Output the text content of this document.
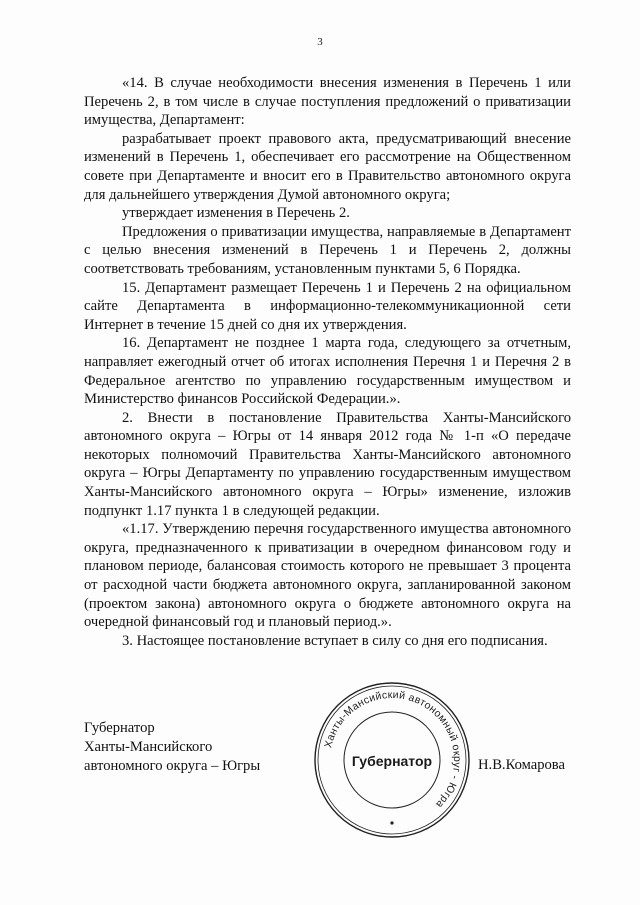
3

«14. В случае необходимости внесения изменения в Перечень 1 или Перечень 2, в том числе в случае поступления предложений о приватизации имущества, Департамент:

разрабатывает проект правового акта, предусматривающий внесение изменений в Перечень 1, обеспечивает его рассмотрение на Общественном совете при Департаменте и вносит его в Правительство автономного округа для дальнейшего утверждения Думой автономного округа;

утверждает изменения в Перечень 2.

Предложения о приватизации имущества, направляемые в Департамент с целью внесения изменений в Перечень 1 и Перечень 2, должны соответствовать требованиям, установленным пунктами 5, 6 Порядка.

15. Департамент размещает Перечень 1 и Перечень 2 на официальном сайте Департамента в информационно-телекоммуникационной сети Интернет в течение 15 дней со дня их утверждения.

16. Департамент не позднее 1 марта года, следующего за отчетным, направляет ежегодный отчет об итогах исполнения Перечня 1 и Перечня 2 в Федеральное агентство по управлению государственным имуществом и Министерство финансов Российской Федерации.».

2. Внести в постановление Правительства Ханты-Мансийского автономного округа – Югры от 14 января 2012 года № 1-п «О передаче некоторых полномочий Правительства Ханты-Мансийского автономного округа – Югры Департаменту по управлению государственным имуществом Ханты-Мансийского автономного округа – Югры» изменение, изложив подпункт 1.17 пункта 1 в следующей редакции.

«1.17. Утверждению перечня государственного имущества автономного округа, предназначенного к приватизации в очередном финансовом году и плановом периоде, балансовая стоимость которого не превышает 3 процента от расходной части бюджета автономного округа, запланированной законом (проектом закона) автономного округа о бюджете автономного округа на очередной финансовый год и плановый период.».

3. Настоящее постановление вступает в силу со дня его подписания.

Губернатор
Ханты-Мансийского
автономного округа – Югры
Ханты-Мансийский автономный округ - Югра
Губернатор	Н.В.Комарова
